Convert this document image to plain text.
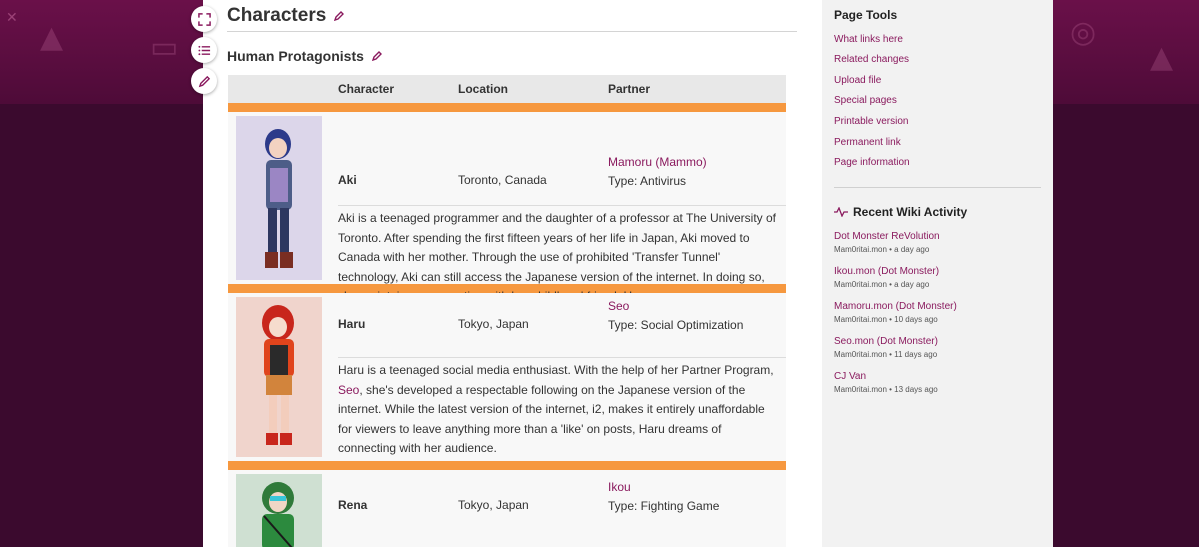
✕
▲	▭	◎
▲
Characters
Human Protagonists
Character	Location	Partner
Aki	Toronto, Canada
Mamoru (Mammo)
Type: Antivirus
Aki is a teenaged programmer and the daughter of a professor at The University of Toronto. After spending the first fifteen years of her life in Japan, Aki moved to Canada with her mother. Through the use of prohibited 'Transfer Tunnel' technology, Aki can still access the Japanese version of the internet. In doing so,
Haru	Tokyo, Japan
Seo
Type: Social Optimization
Haru is a teenaged social media enthusiast. With the help of her Partner Program, Seo, she's developed a respectable following on the Japanese version of the internet. While the latest version of the internet, i2, makes it entirely unaffordable for viewers to leave anything more than a 'like' on posts, Haru dreams of connecting with her audience.
Rena	Tokyo, Japan
Ikou
Type: Fighting Game
Page Tools
What links here
Related changes
Upload file
Special pages
Printable version
Permanent link
Page information
Recent Wiki Activity
Dot Monster ReVolution
Mam0ritai.mon • a day ago
Ikou.mon (Dot Monster)
Mam0ritai.mon • a day ago
Mamoru.mon (Dot Monster)
Mam0ritai.mon • 10 days ago
Seo.mon (Dot Monster)
Mam0ritai.mon • 11 days ago
CJ Van
Mam0ritai.mon • 13 days ago
